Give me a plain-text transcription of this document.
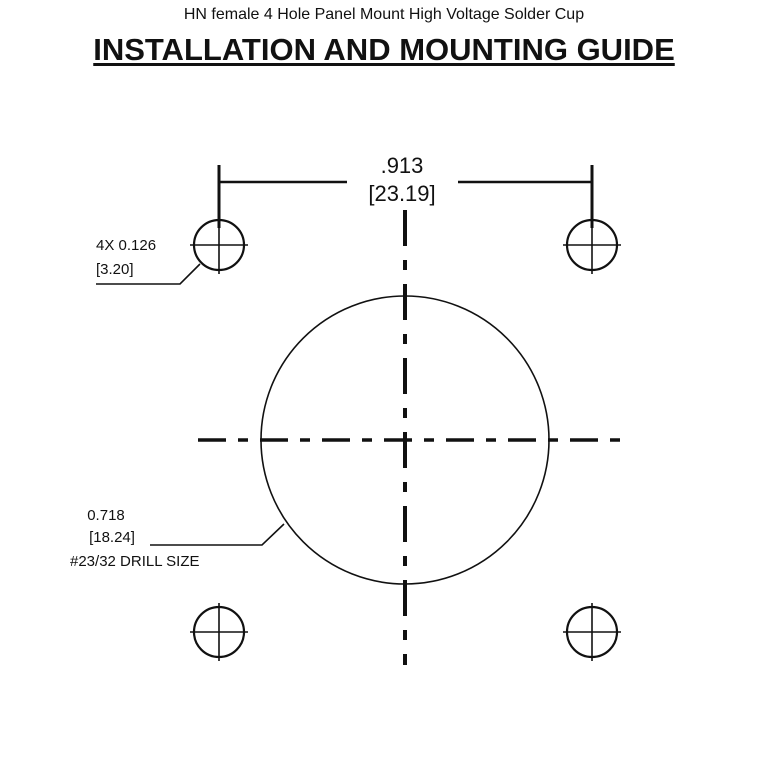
HN female 4 Hole Panel Mount High Voltage Solder Cup
INSTALLATION AND MOUNTING GUIDE
.913
[23.19]
4X 0.126
[3.20]
0.718
[18.24]
#23/32 DRILL SIZE
